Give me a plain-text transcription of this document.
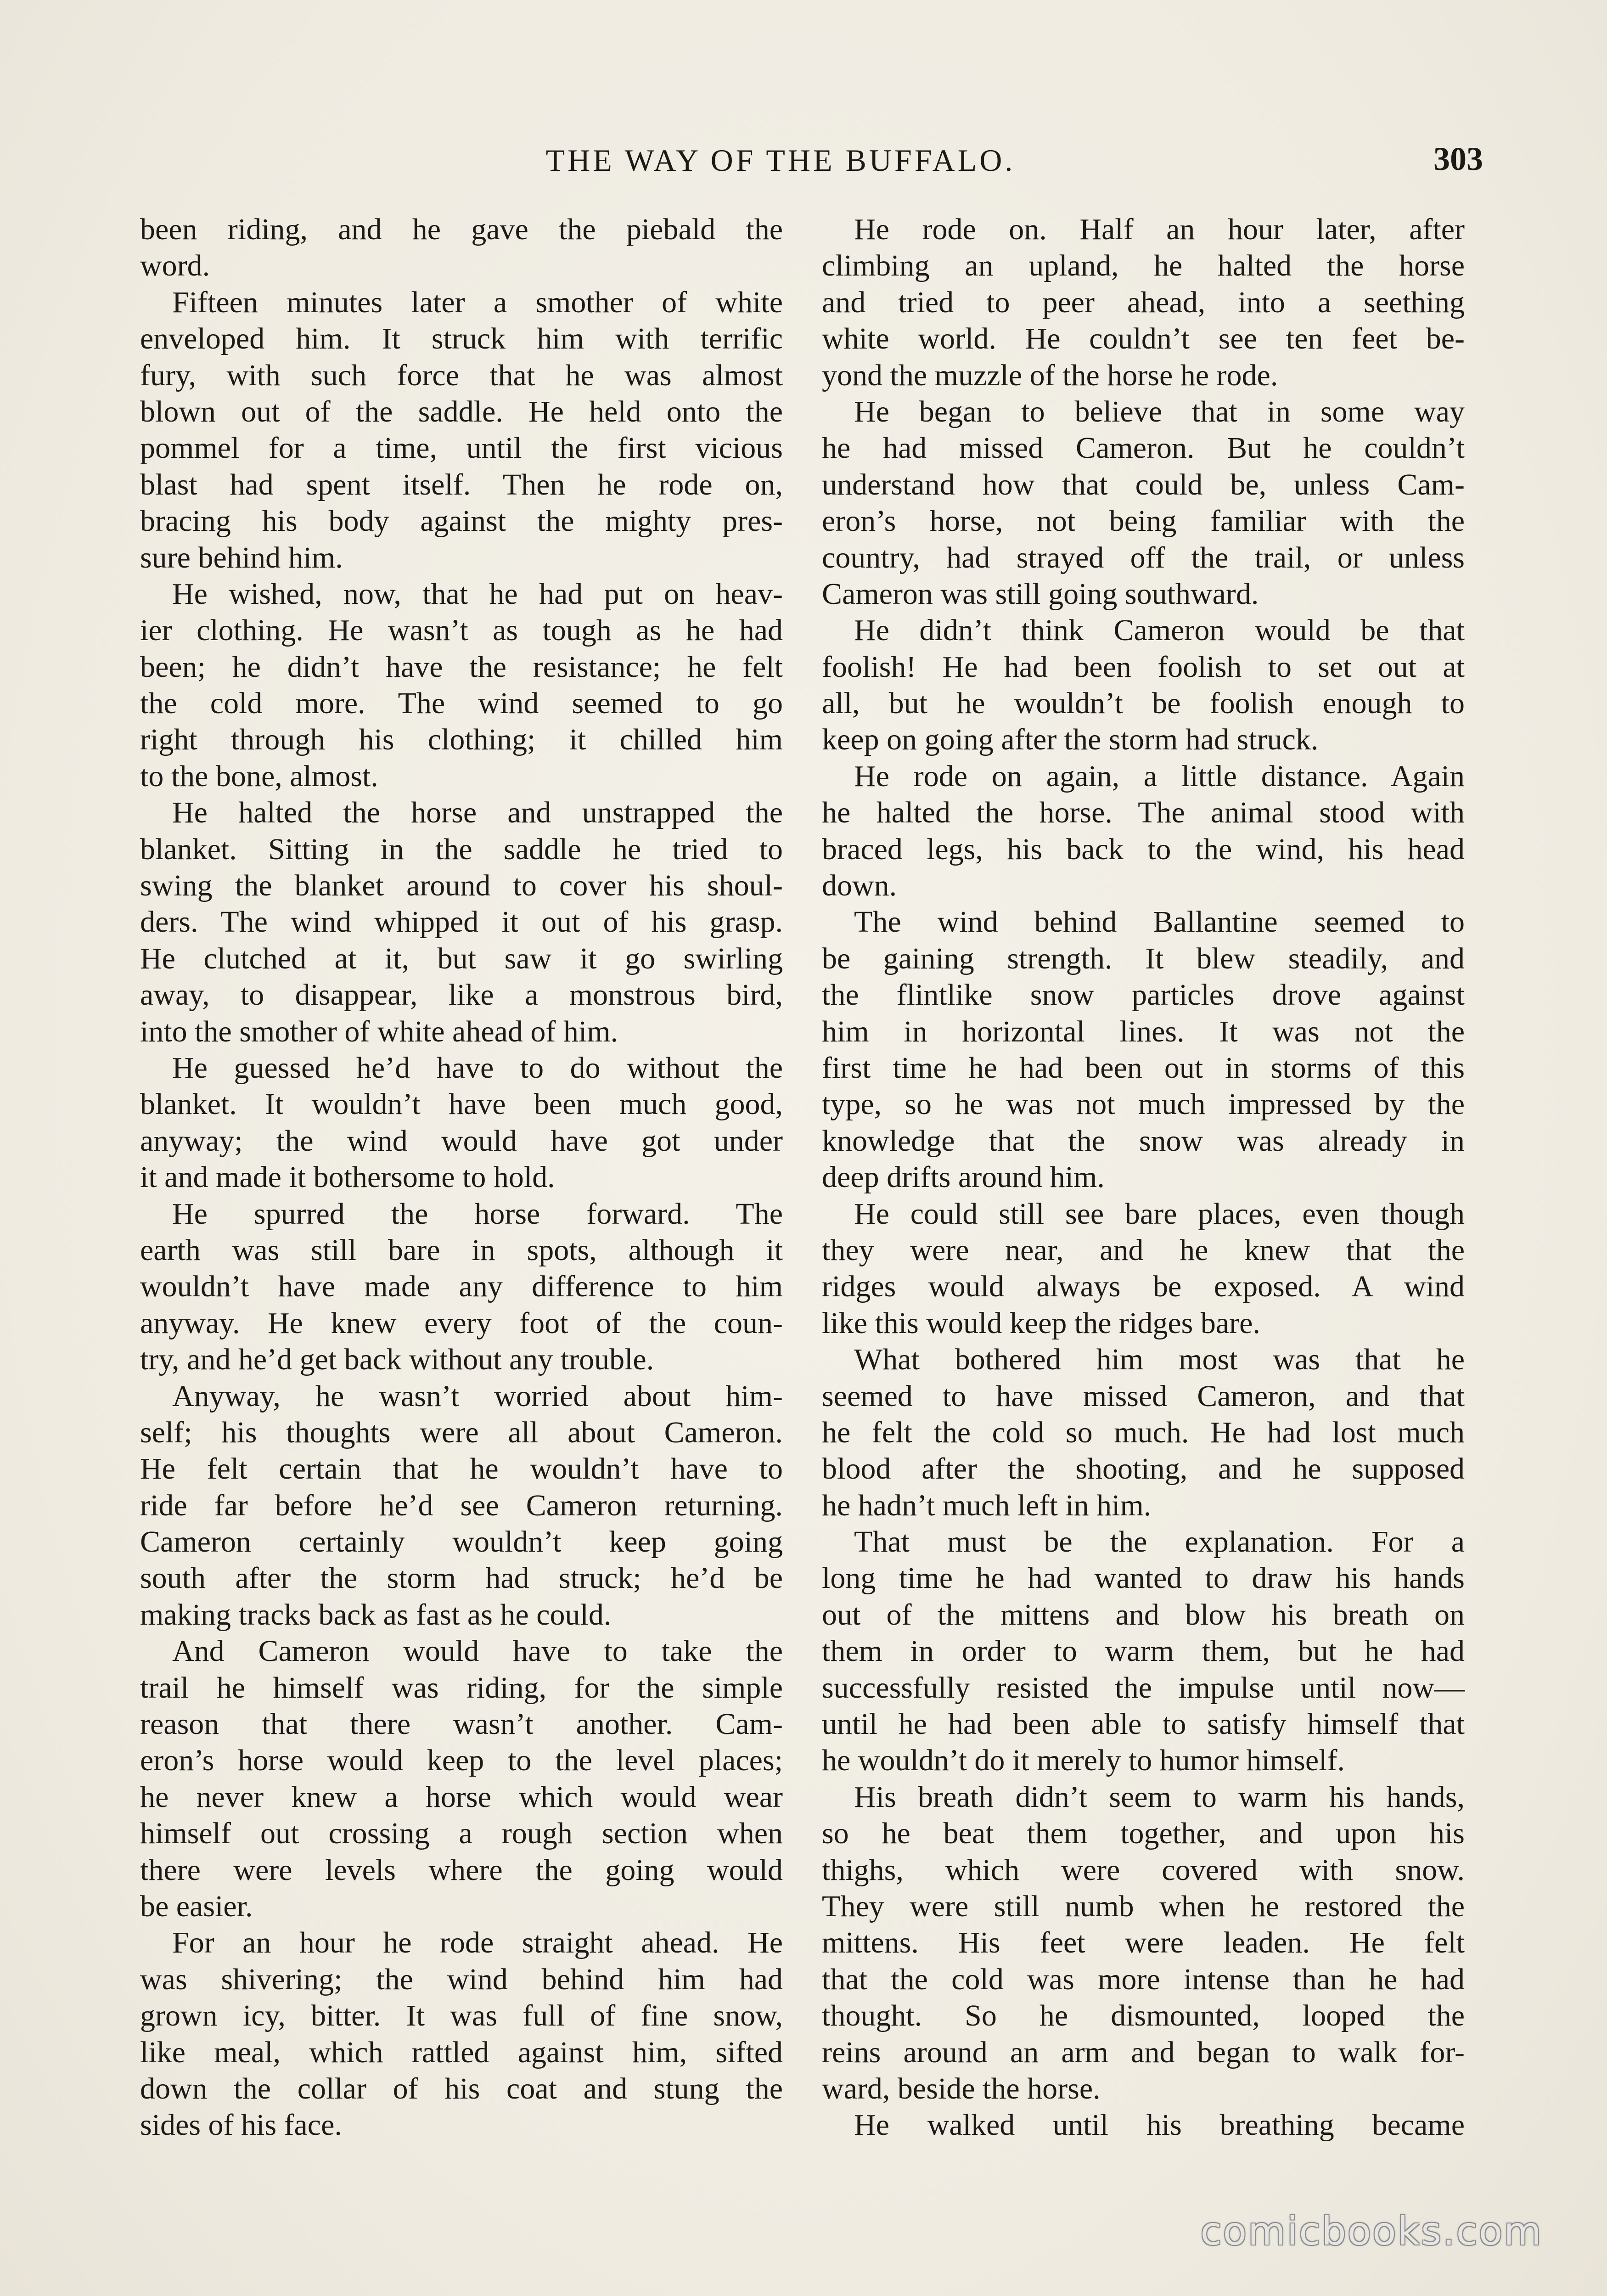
THE WAY OF THE BUFFALO.	303
been riding, and he gave the piebald the
word.
Fifteen minutes later a smother of white
enveloped him. It struck him with terrific
fury, with such force that he was almost
blown out of the saddle. He held onto the
pommel for a time, until the first vicious
blast had spent itself. Then he rode on,
bracing his body against the mighty pres-
sure behind him.
He wished, now, that he had put on heav-
ier clothing. He wasn’t as tough as he had
been; he didn’t have the resistance; he felt
the cold more. The wind seemed to go
right through his clothing; it chilled him
to the bone, almost.
He halted the horse and unstrapped the
blanket. Sitting in the saddle he tried to
swing the blanket around to cover his shoul-
ders. The wind whipped it out of his grasp.
He clutched at it, but saw it go swirling
away, to disappear, like a monstrous bird,
into the smother of white ahead of him.
He guessed he’d have to do without the
blanket. It wouldn’t have been much good,
anyway; the wind would have got under
it and made it bothersome to hold.
He spurred the horse forward. The
earth was still bare in spots, although it
wouldn’t have made any difference to him
anyway. He knew every foot of the coun-
try, and he’d get back without any trouble.
Anyway, he wasn’t worried about him-
self; his thoughts were all about Cameron.
He felt certain that he wouldn’t have to
ride far before he’d see Cameron returning.
Cameron certainly wouldn’t keep going
south after the storm had struck; he’d be
making tracks back as fast as he could.
And Cameron would have to take the
trail he himself was riding, for the simple
reason that there wasn’t another. Cam-
eron’s horse would keep to the level places;
he never knew a horse which would wear
himself out crossing a rough section when
there were levels where the going would
be easier.
For an hour he rode straight ahead. He
was shivering; the wind behind him had
grown icy, bitter. It was full of fine snow,
like meal, which rattled against him, sifted
down the collar of his coat and stung the
sides of his face.
He rode on. Half an hour later, after
climbing an upland, he halted the horse
and tried to peer ahead, into a seething
white world. He couldn’t see ten feet be-
yond the muzzle of the horse he rode.
He began to believe that in some way
he had missed Cameron. But he couldn’t
understand how that could be, unless Cam-
eron’s horse, not being familiar with the
country, had strayed off the trail, or unless
Cameron was still going southward.
He didn’t think Cameron would be that
foolish! He had been foolish to set out at
all, but he wouldn’t be foolish enough to
keep on going after the storm had struck.
He rode on again, a little distance. Again
he halted the horse. The animal stood with
braced legs, his back to the wind, his head
down.
The wind behind Ballantine seemed to
be gaining strength. It blew steadily, and
the flintlike snow particles drove against
him in horizontal lines. It was not the
first time he had been out in storms of this
type, so he was not much impressed by the
knowledge that the snow was already in
deep drifts around him.
He could still see bare places, even though
they were near, and he knew that the
ridges would always be exposed. A wind
like this would keep the ridges bare.
What bothered him most was that he
seemed to have missed Cameron, and that
he felt the cold so much. He had lost much
blood after the shooting, and he supposed
he hadn’t much left in him.
That must be the explanation. For a
long time he had wanted to draw his hands
out of the mittens and blow his breath on
them in order to warm them, but he had
successfully resisted the impulse until now—
until he had been able to satisfy himself that
he wouldn’t do it merely to humor himself.
His breath didn’t seem to warm his hands,
so he beat them together, and upon his
thighs, which were covered with snow.
They were still numb when he restored the
mittens. His feet were leaden. He felt
that the cold was more intense than he had
thought. So he dismounted, looped the
reins around an arm and began to walk for-
ward, beside the horse.
He walked until his breathing became
comicbooks.com
